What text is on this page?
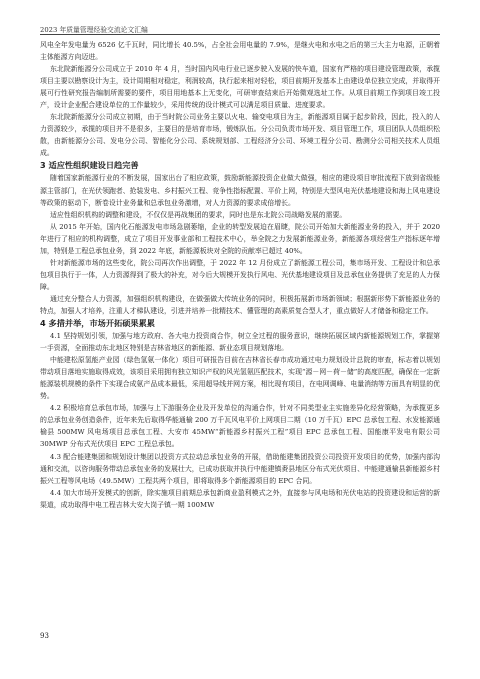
2023 年质量管理经验交流论文汇编

风电全年发电量为 6526 亿千瓦时，同比增长 40.5%，占全社会用电量的 7.9%，是继火电和水电之后的第三大主力电源，正朝着主体能源方向迈进。

东北院新能源分公司成立于 2010 年 4 月，当时国内风电行业已逐步驶入发展的快车道，国家有严格的项目建设管理政策，承揽项目主要以勘察设计为主，设计周期相对稳定，利润较高，执行起来相对轻松，项目前期开发基本上由建设单位独立完成，并取得开展可行性研究报告编制所需要的要件，项目用地基本上无变化，可研审查结束后开始微观选址工作。从项目前期工作到项目竣工投产，设计企业配合建设单位的工作量较少，采用传统的设计模式可以满足项目质量、进度要求。

东北院新能源分公司成立初期，由于当时院公司业务主要以火电、输变电项目为主，新能源项目属于起步阶段，因此，投入的人力资源较少，承揽的项目并不是很多，主要目的是培育市场，锻炼队伍。分公司负责市场开发、项目管理工作，项目团队人员组织松散，由新能源分公司、发电分公司、智能化分公司、系统规划部、工程经济分公司、环境工程分公司、勘测分公司相关技术人员组成。

3 适应性组织建设日趋完善

随着国家新能源行业的不断发展，国家出台了相应政策，鼓励新能源投资企业做大做强，相应的建设项目审批流程下放到省级能源主管部门，在光伏领跑者、抢装发电、乡村振兴工程、竞争性指标配置、平价上网，特别是大型风电光伏基地建设和海上风电建设等政策的驱动下，断卷设计业务量和总承包业务激增，对人力资源的要求成倍增长。

适应性组织机构的调整和建设，不仅仅是再战集团的要求，同时也是东北院公司战略发展的需要。

从 2015 年开始，国内化石能源发电市场急剧萎缩，企业的转型发展迫在眉睫，院公司开始加大新能源业务的投入，并于 2020 年进行了相应的机构调整，成立了项目开发事业部和工程技术中心，举全院之力发展新能源业务，新能源各项经营生产指标逐年增加，特别是工程总承包业务，到 2022 年底，新能源板块对全院的贡献率已超过 40%。

针对新能源市场的这些变化，院公司再次作出调整，于 2022 年 12 月份成立了新能源工程公司，集市场开发、工程设计和总承包项目执行于一体，人力资源得到了极大的补充，对今后大规模开发执行风电、光伏基地建设项目及总承包业务提供了充足的人力保障。

通过充分整合人力资源，加强组织机构建设，在做强做大传统业务的同时，积极拓展新市场新领域；根据新形势下新能源业务的特点，加强人才培养，注重人才梯队建设，引进并培养一批精技术、懂管理的高素质复合型人才，重点做好人才储备和稳定工作。

4 多措并举，市场开拓硕果累累

4.1 坚持规划引领，加强与地方政府、各大电力投资商合作，树立全过程的服务意识，继续拓展区域内新能源规划工作，掌握第一手资源，全面推动东北地区特别是吉林省地区的新能源、新业态项目规划落地。

中能建松原氢能产业园（绿色氢氨一体化）项目可研报告目前在吉林省长春市成功通过电力规划设计总院的审查，标志着以规划带动项目落地实施取得成效，该项目采用拥有独立知识产权的风光氢氨匹配技术，实现“源－网－荷－储”的高度匹配，确保在一定新能源装机规模的条件下实现合成氨产品成本最低，采用超导线并网方案，相比现有项目，在电网调峰、电量消纳等方面具有明显的优势。

4.2 积极培育总承包市场，加强与上下游服务企业及开发单位的沟通合作，针对不同类型业主实施差异化经营策略，为承揽更多的总承包业务创造条件，近年来先后取得华能通榆 200 万千瓦风电平价上网项目二期（10 万千瓦）EPC 总承包工程、水发能源通榆县 500MW 风电场项目总承包工程、大安市 45MW“新能源乡村振兴工程”项目 EPC 总承包工程、国能康平发电有限公司 30MWP 分布式光伏项目 EPC 工程总承包。

4.3 配合能建集团和规划设计集团以投资方式拉动总承包业务的开展，借助能建集团投资公司投资开发项目的优势，加强内部沟通和交流，以咨询服务带动总承包业务的发展壮大，已成功获取并执行中能建镇赉县地区分布式光伏项目、中能建通榆县新能源乡村振兴工程等风电场（49.5MW）工程共两个项目，即将取得多个新能源项目的 EPC 合同。

4.4 加大市场开发模式的创新，除实施项目前期总承包新商业盈利模式之外，直接参与风电场和光伏电站的投资建设和运营的新渠道，成功取得中电工程吉林大安大岗子镇一期 100MW

93
